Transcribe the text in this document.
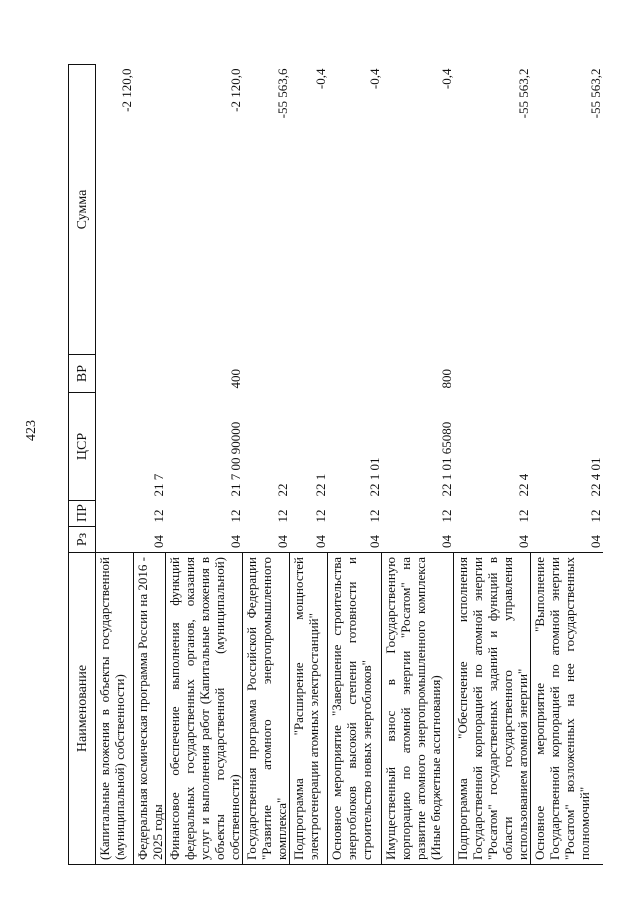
423
Наименование	Рз	ПР	ЦСР	ВР	Сумма
(Капитальные вложения в объекты государственной (муниципальной) собственности)					-2 120,0
Федеральная космическая программа России на 2016 - 2025 годы	04	12	21 7		
Финансовое обеспечение выполнения функций федеральных государственных органов, оказания услуг и выполнения работ (Капитальные вложения в объекты государственной (муниципальной) собственности)	04	12	21 7 00 90000	400	-2 120,0
Государственная программа Российской Федерации "Развитие атомного энергопромышленного комплекса"	04	12	22		-55 563,6
Подпрограмма "Расширение мощностей электрогенерации атомных электростанций"	04	12	22 1		-0,4
Основное мероприятие "Завершение строительства энергоблоков высокой степени готовности и строительство новых энергоблоков"	04	12	22 1 01		-0,4
Имущественный взнос в Государственную корпорацию по атомной энергии "Росатом" на развитие атомного энергопромышленного комплекса (Иные бюджетные ассигнования)	04	12	22 1 01 65080	800	-0,4
Подпрограмма "Обеспечение исполнения Государственной корпорацией по атомной энергии "Росатом" государственных заданий и функций в области государственного управления использованием атомной энергии"	04	12	22 4		-55 563,2
Основное мероприятие "Выполнение Государственной корпорацией по атомной энергии "Росатом" возложенных на нее государственных полномочий"	04	12	22 4 01		-55 563,2
